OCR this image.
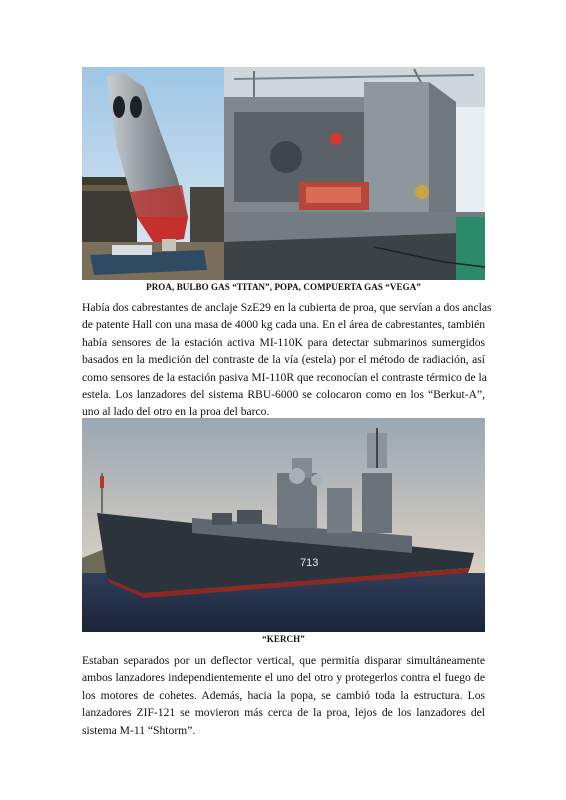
PROA, BULBO GAS “TITAN”, POPA, COMPUERTA GAS “VEGA”
Había dos cabrestantes de anclaje SzE29 en la cubierta de proa, que servían a dos anclas
de patente Hall con una masa de 4000 kg cada una. En el área de cabrestantes, también
había sensores de la estación activa MI-110K para detectar submarinos sumergidos
basados en la medición del contraste de la vía (estela) por el método de radiación, así
como sensores de la estación pasiva MI-110R que reconocían el contraste térmico de la
estela. Los lanzadores del sistema RBU-6000 se colocaron como en los “Berkut-A”,
uno al lado del otro en la proa del barco.
713
“KERCH”
Estaban separados por un deflector vertical, que permitía disparar simultáneamente
ambos lanzadores independientemente el uno del otro y protegerlos contra el fuego de
los motores de cohetes. Además, hacia la popa, se cambió toda la estructura. Los
lanzadores ZIF-121 se movieron más cerca de la proa, lejos de los lanzadores del
sistema M-11 “Shtorm”.
